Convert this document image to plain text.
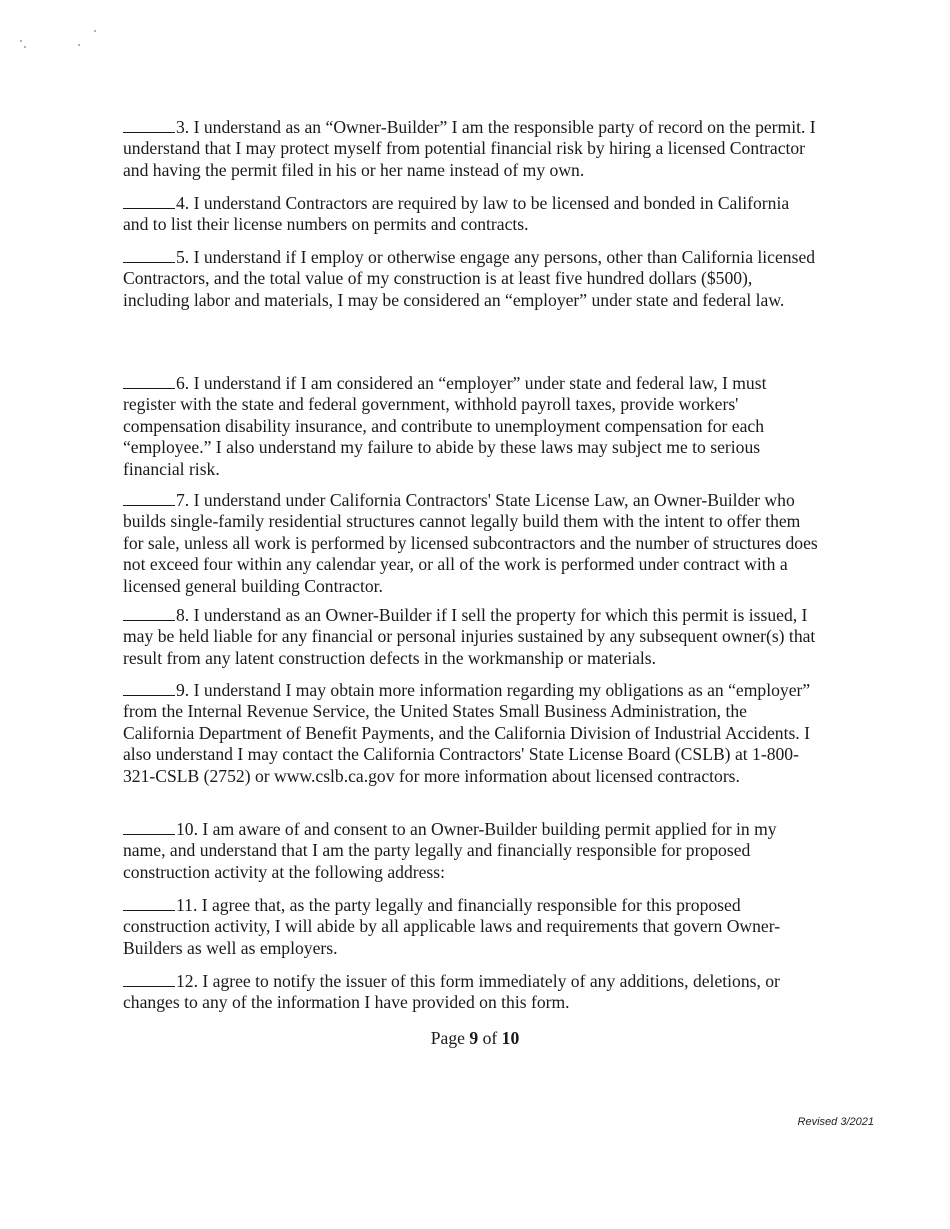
3. I understand as an “Owner-Builder” I am the responsible party of record on the permit. I understand that I may protect myself from potential financial risk by hiring a licensed Contractor and having the permit filed in his or her name instead of my own.

4. I understand Contractors are required by law to be licensed and bonded in California and to list their license numbers on permits and contracts.

5. I understand if I employ or otherwise engage any persons, other than California licensed Contractors, and the total value of my construction is at least five hundred dollars ($500), including labor and materials, I may be considered an “employer” under state and federal law.

6. I understand if I am considered an “employer” under state and federal law, I must register with the state and federal government, withhold payroll taxes, provide workers' compensation disability insurance, and contribute to unemployment compensation for each “employee.” I also understand my failure to abide by these laws may subject me to serious financial risk.

7. I understand under California Contractors' State License Law, an Owner-Builder who builds single-family residential structures cannot legally build them with the intent to offer them for sale, unless all work is performed by licensed subcontractors and the number of structures does not exceed four within any calendar year, or all of the work is performed under contract with a licensed general building Contractor.

8. I understand as an Owner-Builder if I sell the property for which this permit is issued, I may be held liable for any financial or personal injuries sustained by any subsequent owner(s) that result from any latent construction defects in the workmanship or materials.

9. I understand I may obtain more information regarding my obligations as an “employer” from the Internal Revenue Service, the United States Small Business Administration, the California Department of Benefit Payments, and the California Division of Industrial Accidents. I also understand I may contact the California Contractors' State License Board (CSLB) at 1-800-321-CSLB (2752) or www.cslb.ca.gov for more information about licensed contractors.

10. I am aware of and consent to an Owner-Builder building permit applied for in my name, and understand that I am the party legally and financially responsible for proposed construction activity at the following address:

11. I agree that, as the party legally and financially responsible for this proposed construction activity, I will abide by all applicable laws and requirements that govern Owner-Builders as well as employers.

12. I agree to notify the issuer of this form immediately of any additions, deletions, or changes to any of the information I have provided on this form.

Page 9 of 10
Revised 3/2021
